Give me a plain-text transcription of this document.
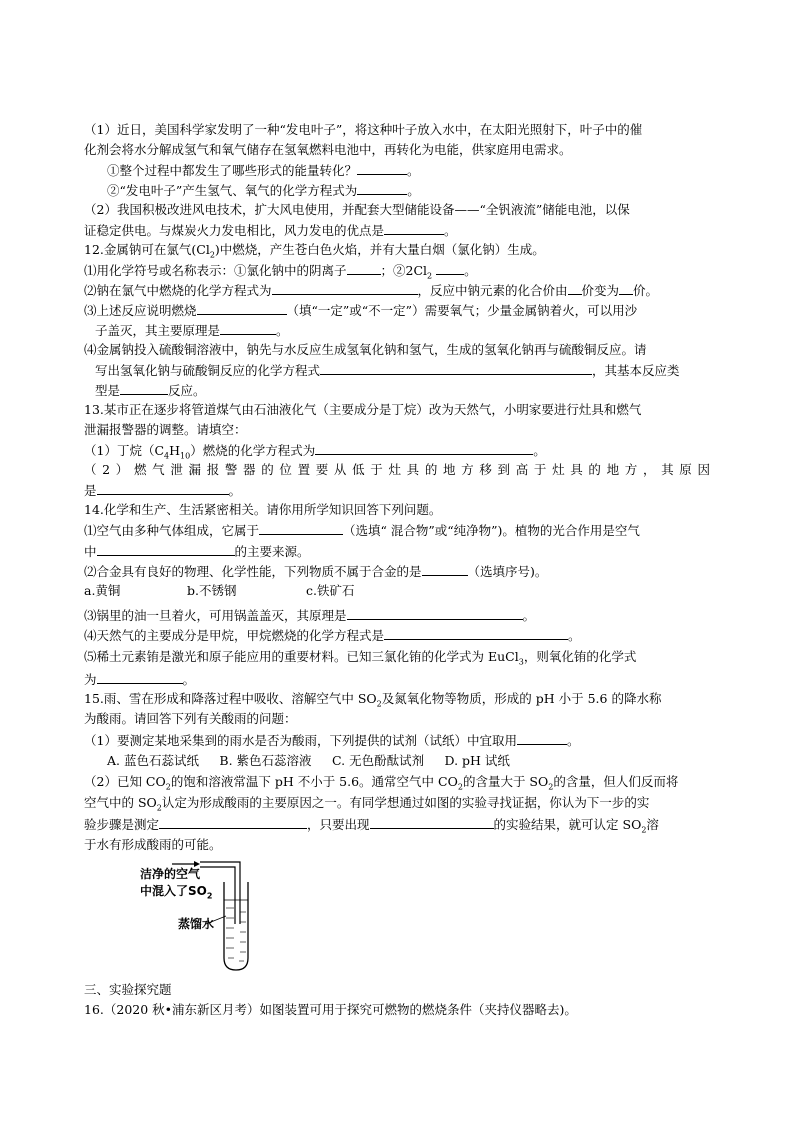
（1）近日，美国科学家发明了一种“发电叶子”，将这种叶子放入水中，在太阳光照射下，叶子中的催
化剂会将水分解成氢气和氧气储存在氢氧燃料电池中，再转化为电能，供家庭用电需求。
①整个过程中都发生了哪些形式的能量转化？	。
②“发电叶子”产生氢气、氧气的化学方程式为	。
（2）我国积极改进风电技术，扩大风电使用，并配套大型储能设备——“全钒液流”储能电池，以保
证稳定供电。与煤炭火力发电相比，风力发电的优点是	。
12.金属钠可在氯气$(Cl_2)$中燃烧，产生苍白色火焰，并有大量白烟（氯化钠）生成。
⑴用化学符号或名称表示：①氯化钠中的阴离子	；$②2Cl_2$	。
⑵钠在氯气中燃烧的化学方程式为	，反应中钠元素的化合价由 价变为 价。
⑶上述反应说明燃烧	（填“一定”或“不一定”）需要氧气；少量金属钠着火，可以用沙
子盖灭，其主要原理是	。
⑷金属钠投入硫酸铜溶液中，钠先与水反应生成氢氧化钠和氢气，生成的氢氧化钠再与硫酸铜反应。请
写出氢氧化钠与硫酸铜反应的化学方程式	，其基本反应类
型是	反应。
13.某市正在逐步将管道煤气由石油液化气（主要成分是丁烷）改为天然气，小明家要进行灶具和燃气
泄漏报警器的调整。请填空：
（1）丁烷$(C_4H_{10})$燃烧的化学方程式为	。
（2）燃气泄漏报警器的位置要从低于灶具的地方移到高于灶具的地方，其原因
是	。
14.化学和生产、生活紧密相关。请你用所学知识回答下列问题。
⑴空气由多种气体组成，它属于	（选填“ 混合物”或“纯净物”)。植物的光合作用是空气
中	的主要来源。
⑵合金具有良好的物理、化学性能，下列物质不属于合金的是	（选填序号)。
a.黄铜	b.不锈钢	c.铁矿石
⑶锅里的油一旦着火，可用锅盖盖灭，其原理是	。
⑷天然气的主要成分是甲烷，甲烷燃烧的化学方程式是	。
⑸稀土元素铕是激光和原子能应用的重要材料。已知三氯化铕的化学式为 EuCl$_3$，则氧化铕的化学式
为	。
15.雨、雪在形成和降落过程中吸收、溶解空气中 $SO_2$及氮氧化物等物质，形成的 pH 小于 5.6 的降水称
为酸雨。请回答下列有关酸雨的问题：
（1）要测定某地采集到的雨水是否为酸雨，下列提供的试剂（试纸）中宜取用	。
A. 蓝色石蕊试纸 　 B. 紫色石蕊溶液 　 C. 无色酚酞试剂 　 D. pH 试纸
（2）已知 $CO_2$的饱和溶液常温下 pH 不小于 5.6。通常空气中 $CO_2$的含量大于 $SO_2$的含量，但人们反而将
空气中的 $SO_2$认定为形成酸雨的主要原因之一。有同学想通过如图的实验寻找证据，你认为下一步的实
验步骤是测定	，只要出现	的实验结果，就可认定 $SO_2$溶
于水有形成酸雨的可能。
洁净的空气
中混入了$SO_2$
蒸馏水
三、实验探究题
16.（2020 秋•浦东新区月考）如图装置可用于探究可燃物的燃烧条件（夹持仪器略去)。
